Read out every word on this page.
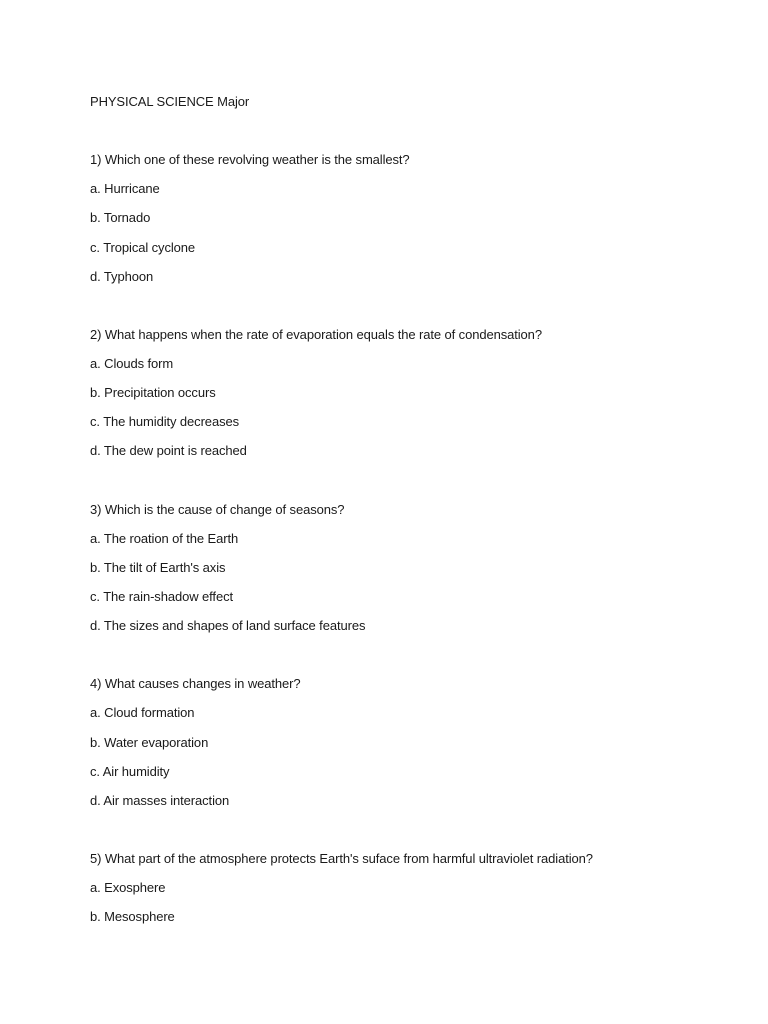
PHYSICAL SCIENCE Major
1) Which one of these revolving weather is the smallest?
a. Hurricane
b. Tornado
c. Tropical cyclone
d. Typhoon
2) What happens when the rate of evaporation equals the rate of condensation?
a. Clouds form
b. Precipitation occurs
c. The humidity decreases
d. The dew point is reached
3) Which is the cause of change of seasons?
a. The roation of the Earth
b. The tilt of Earth's axis
c. The rain-shadow effect
d. The sizes and shapes of land surface features
4) What causes changes in weather?
a. Cloud formation
b. Water evaporation
c. Air humidity
d. Air masses interaction
5) What part of the atmosphere protects Earth's suface from harmful ultraviolet radiation?
a. Exosphere
b. Mesosphere
